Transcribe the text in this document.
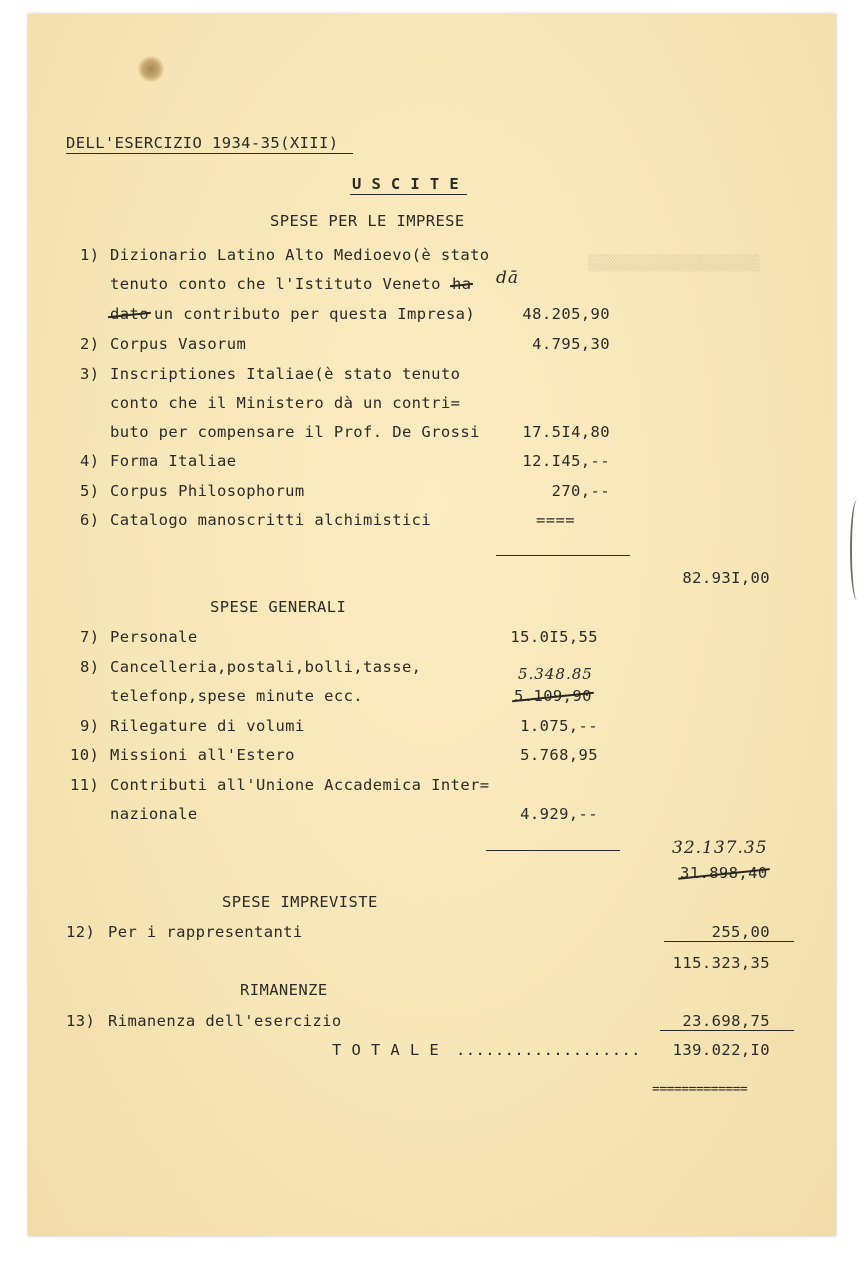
▒▒▒▒▒▒▒▒▒▒▒▒▒▒▒▒▒▒▒
DELL'ESERCIZIO 1934-35(XIII)
U S C I T E
SPESE PER LE IMPRESE
1) Dizionario Latino Alto Medioevo(è stato
tenuto conto che l'Istituto Veneto ha dā
dato un contributo per questa Impresa)	48.205,90
2) Corpus Vasorum	4.795,30
3) Inscriptiones Italiae(è stato tenuto
conto che il Ministero dà un contri=
buto per compensare il Prof. De Grossi	17.5I4,80
4) Forma Italiae	12.I45,--
5) Corpus Philosophorum	270,--
6) Catalogo manoscritti alchimistici	====
82.93I,00
SPESE GENERALI
7) Personale	15.0I5,55
8) Cancelleria,postali,bolli,tasse,	5.348.85
telefonp,spese minute ecc.	5.109,90
9) Rilegature di volumi	1.075,--
10) Missioni all'Estero	5.768,95
11) Contributi all'Unione Accademica Inter=
nazionale	4.929,--
32.137.35
31.898,40
SPESE IMPREVISTE
12) Per i rappresentanti	255,00
115.323,35
RIMANENZE
13) Rimanenza dell'esercizio	23.698,75
T O T A L E ...................	139.022,I0
=============
